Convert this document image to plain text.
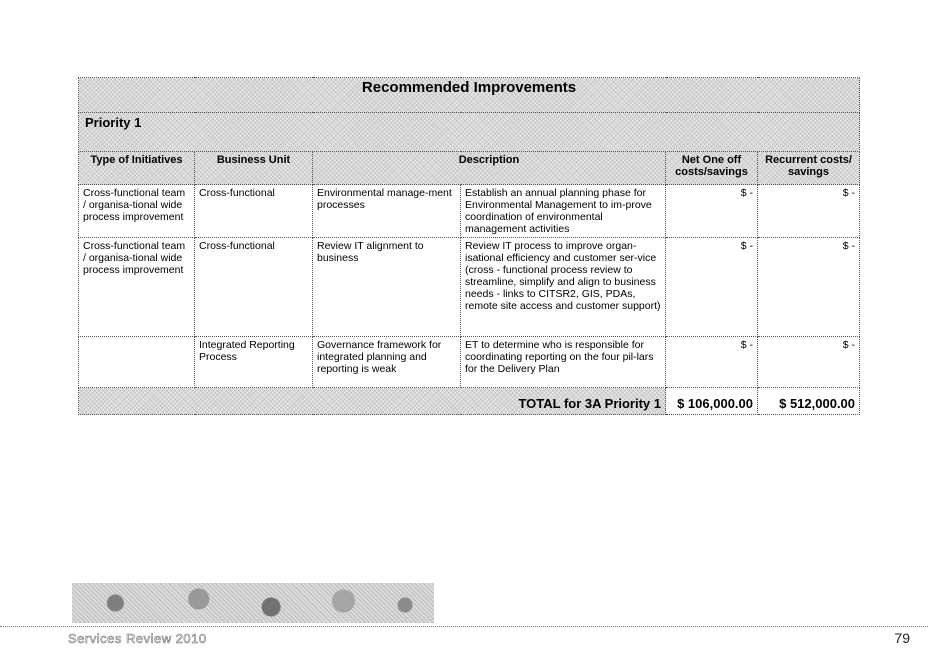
Recommended Improvements					
Priority 1					
Type of Initiatives	Business Unit	Description		Net One off costs/savings	Recurrent costs/ savings
Cross-functional team / organisa-tional wide process improvement	Cross-functional	Environmental manage-ment processes	Establish an annual planning phase for Environmental Management to im-prove coordination of environmental management activities	$ -	$ -
Cross-functional team / organisa-tional wide process improvement	Cross-functional	Review IT alignment to business	Review IT process to improve organ-isational efficiency and customer ser-vice (cross - functional process review to streamline, simplify and align to business needs - links to CITSR2, GIS, PDAs, remote site access and customer support)	$ -	$ -
	Integrated Reporting Process	Governance framework for integrated planning and reporting is weak	ET to determine who is responsible for coordinating reporting on the four pil-lars for the Delivery Plan	$ -	$ -
TOTAL for 3A Priority 1				$ 106,000.00	$ 512,000.00
Services Review 2010	79
